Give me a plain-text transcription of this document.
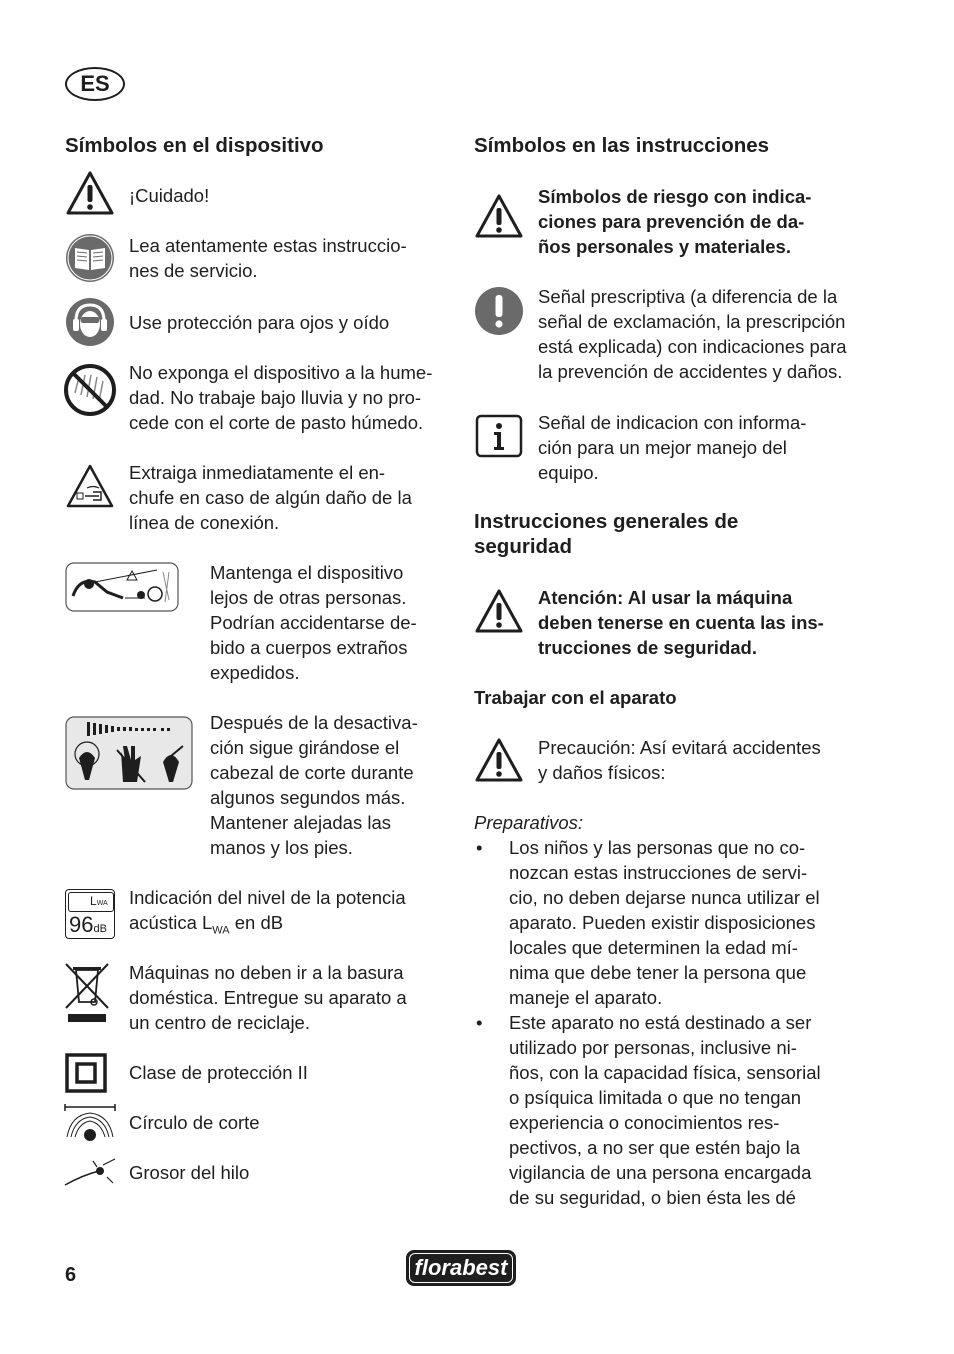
ES
Símbolos en el dispositivo

¡Cuidado!

Lea atentamente estas instruccio-
nes de servicio.

Use protección para ojos y oído

No exponga el dispositivo a la hume-
dad. No trabaje bajo lluvia y no pro-
cede con el corte de pasto húmedo.

Extraiga inmediatamente el en-
chufe en caso de algún daño de la
línea de conexión.

Mantenga el dispositivo
lejos de otras personas.
Podrían accidentarse de-
bido a cuerpos extraños
expedidos.

Después de la desactiva-
ción sigue girándose el
cabezal de corte durante
algunos segundos más.
Mantener alejadas las
manos y los pies.

LWA
96dB

Indicación del nivel de la potencia
acústica $L_{WA}$ en dB

Máquinas no deben ir a la basura
doméstica. Entregue su aparato a
un centro de reciclaje.

Clase de protección II

Círculo de corte

Grosor del hilo

Símbolos en las instrucciones

Símbolos de riesgo con indica-
ciones para prevención de da-
ños personales y materiales.

Señal prescriptiva (a diferencia de la
señal de exclamación, la prescripción
está explicada) con indicaciones para
la prevención de accidentes y daños.

Señal de indicacion con informa-
ción para un mejor manejo del
equipo.

Instrucciones generales de
seguridad

Atención: Al usar la máquina
deben tenerse en cuenta las ins-
trucciones de seguridad.

Trabajar con el aparato

Precaución: Así evitará accidentes
y daños físicos:

Preparativos:

• Los niños y las personas que no co-
nozcan estas instrucciones de servi-
cio, no deben dejarse nunca utilizar el
aparato. Pueden existir disposiciones
locales que determinen la edad mí-
nima que debe tener la persona que
maneje el aparato.

• Este aparato no está destinado a ser
utilizado por personas, inclusive ni-
ños, con la capacidad física, sensorial
o psíquica limitada o que no tengan
experiencia o conocimientos res-
pectivos, a no ser que estén bajo la
vigilancia de una persona encargada
de su seguridad, o bien ésta les dé

6	florabest
